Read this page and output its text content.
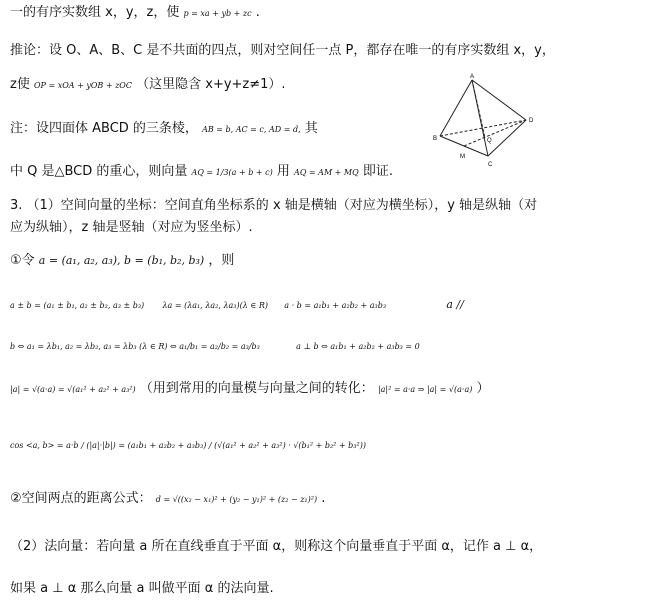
一的有序实数组 x，y，z，使 p = xa + yb + zc .
推论：设 O、A、B、C 是不共面的四点，则对空间任一点 P，都存在唯一的有序实数组 x，y，
z使 OP = xOA + yOB + zOC （这里隐含 x+y+z≠1）.	A
B
C
D
M
Q
注：设四面体 ABCD 的三条棱， AB = b, AC = c, AD = d, 其
中 Q 是△BCD 的重心，则向量 AQ = 1/3(a + b + c) 用 AQ = AM + MQ 即证.
3. （1）空间向量的坐标：空间直角坐标系的 x 轴是横轴（对应为横坐标），y 轴是纵轴（对
应为纵轴），z 轴是竖轴（对应为竖坐标）.
①令 a = (a₁, a₂, a₃), b = (b₁, b₂, b₃) ，则
a ± b = (a₁ ± b₁, a₂ ± b₂, a₃ ± b₃) λa = (λa₁, λa₂, λa₃)(λ ∈ R) a · b = a₁b₁ + a₂b₂ + a₃b₃	a //
b ⇔ a₁ = λb₁, a₂ = λb₂, a₃ = λb₃ (λ ∈ R) ⇔ a₁/b₁ = a₂/b₂ = a₃/b₃	a ⊥ b ⇔ a₁b₁ + a₂b₂ + a₃b₃ = 0
|a| = √(a·a) = √(a₁² + a₂² + a₃²) （用到常用的向量模与向量之间的转化： |a|² = a·a ⇒ |a| = √(a·a) ）
cos <a, b> = a·b / (|a|·|b|) = (a₁b₁ + a₂b₂ + a₃b₃) / (√(a₁² + a₂² + a₃²) · √(b₁² + b₂² + b₃²))
②空间两点的距离公式： d = √((x₂ − x₁)² + (y₂ − y₁)² + (z₂ − z₁)²) .
（2）法向量：若向量 a 所在直线垂直于平面 α，则称这个向量垂直于平面 α，记作 a ⊥ α，
如果 a ⊥ α 那么向量 a 叫做平面 α 的法向量.
